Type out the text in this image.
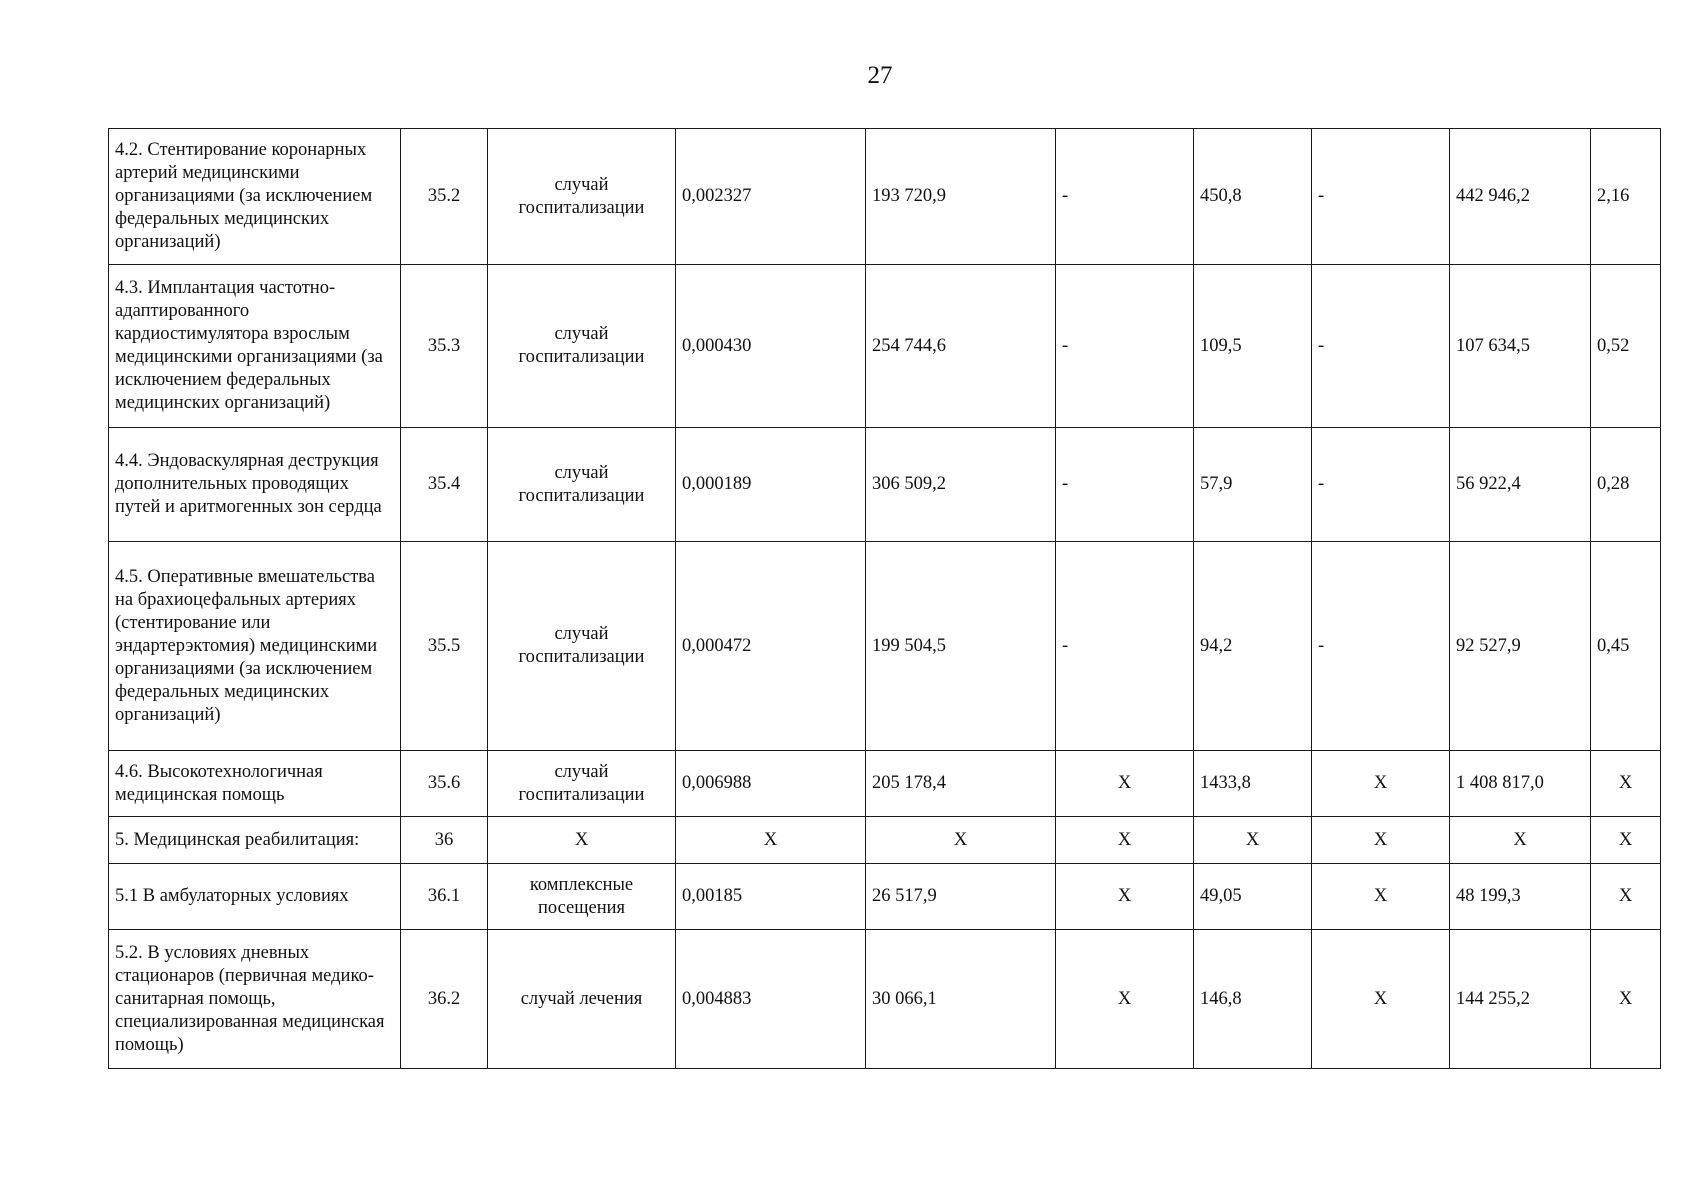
27
4.2. Стентирование коронарных артерий медицинскими организациями (за исключением федеральных медицинских организаций)	35.2	случай госпитализации	0,002327	193 720,9	-	450,8	-	442 946,2	2,16
4.3. Имплантация частотно-адаптированного кардиостимулятора взрослым медицинскими организациями (за исключением федеральных медицинских организаций)	35.3	случай госпитализации	0,000430	254 744,6	-	109,5	-	107 634,5	0,52
4.4. Эндоваскулярная деструкция дополнительных проводящих путей и аритмогенных зон сердца	35.4	случай госпитализации	0,000189	306 509,2	-	57,9	-	56 922,4	0,28
4.5. Оперативные вмешательства на брахиоцефальных артериях (стентирование или эндартерэктомия) медицинскими организациями (за исключением федеральных медицинских организаций)	35.5	случай госпитализации	0,000472	199 504,5	-	94,2	-	92 527,9	0,45
4.6. Высокотехнологичная медицинская помощь	35.6	случай госпитализации	0,006988	205 178,4	X	1433,8	X	1 408 817,0	X
5. Медицинская реабилитация:	36	X	X	X	X	X	X	X	X
5.1 В амбулаторных условиях	36.1	комплексные посещения	0,00185	26 517,9	X	49,05	X	48 199,3	X
5.2. В условиях дневных стационаров (первичная медико-санитарная помощь, специализированная медицинская помощь)	36.2	случай лечения	0,004883	30 066,1	X	146,8	X	144 255,2	X
